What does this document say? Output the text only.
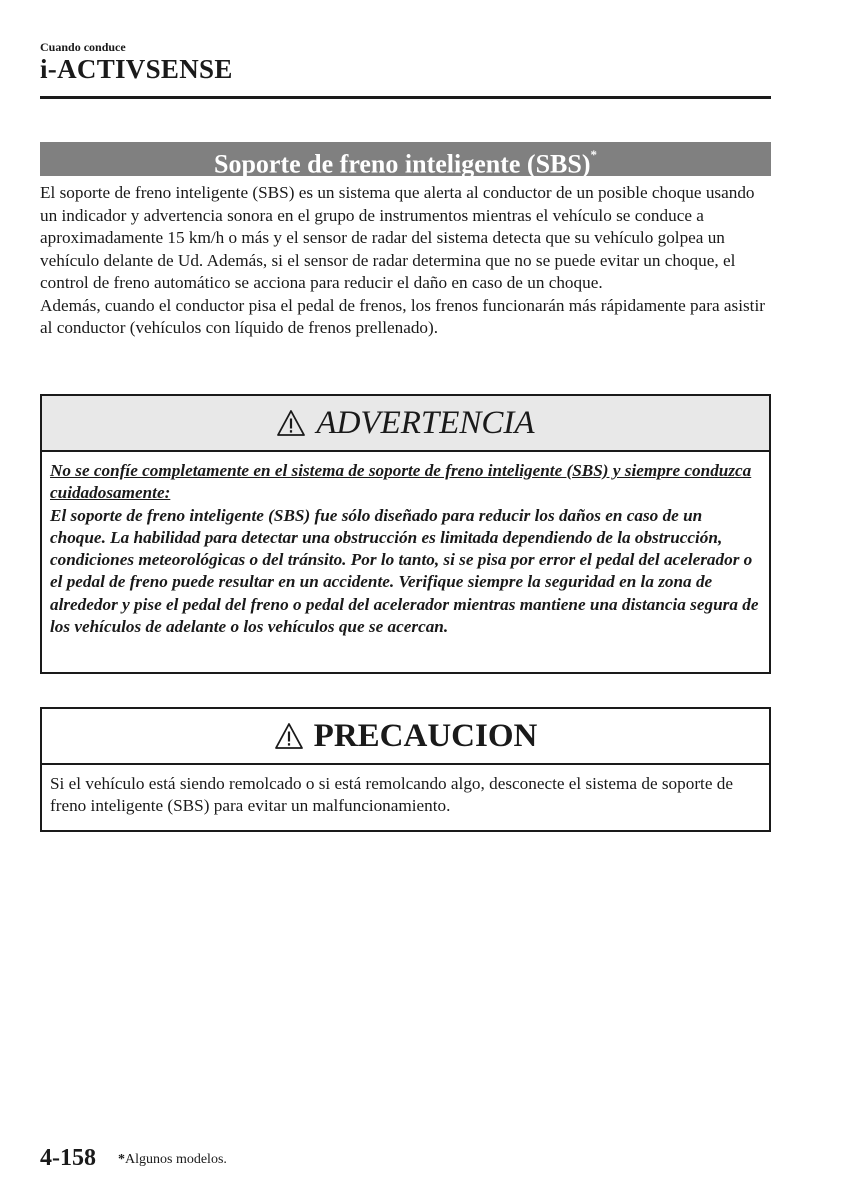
Cuando conduce
i-ACTIVSENSE
Soporte de freno inteligente (SBS)*

El soporte de freno inteligente (SBS) es un sistema que alerta al conductor de un posible choque usando un indicador y advertencia sonora en el grupo de instrumentos mientras el vehículo se conduce a aproximadamente 15 km/h o más y el sensor de radar del sistema detecta que su vehículo golpea un vehículo delante de Ud. Además, si el sensor de radar determina que no se puede evitar un choque, el control de freno automático se acciona para reducir el daño en caso de un choque.

Además, cuando el conductor pisa el pedal de frenos, los frenos funcionarán más rápidamente para asistir al conductor (vehículos con líquido de frenos prellenado).

ADVERTENCIA

No se confíe completamente en el sistema de soporte de freno inteligente (SBS) y siempre conduzca cuidadosamente:

El soporte de freno inteligente (SBS) fue sólo diseñado para reducir los daños en caso de un choque. La habilidad para detectar una obstrucción es limitada dependiendo de la obstrucción, condiciones meteorológicas o del tránsito. Por lo tanto, si se pisa por error el pedal del acelerador o el pedal de freno puede resultar en un accidente. Verifique siempre la seguridad en la zona de alrededor y pise el pedal del freno o pedal del acelerador mientras mantiene una distancia segura de los vehículos de adelante o los vehículos que se acercan.

PRECAUCION

Si el vehículo está siendo remolcado o si está remolcando algo, desconecte el sistema de soporte de freno inteligente (SBS) para evitar un malfuncionamiento.

4-158 *Algunos modelos.
